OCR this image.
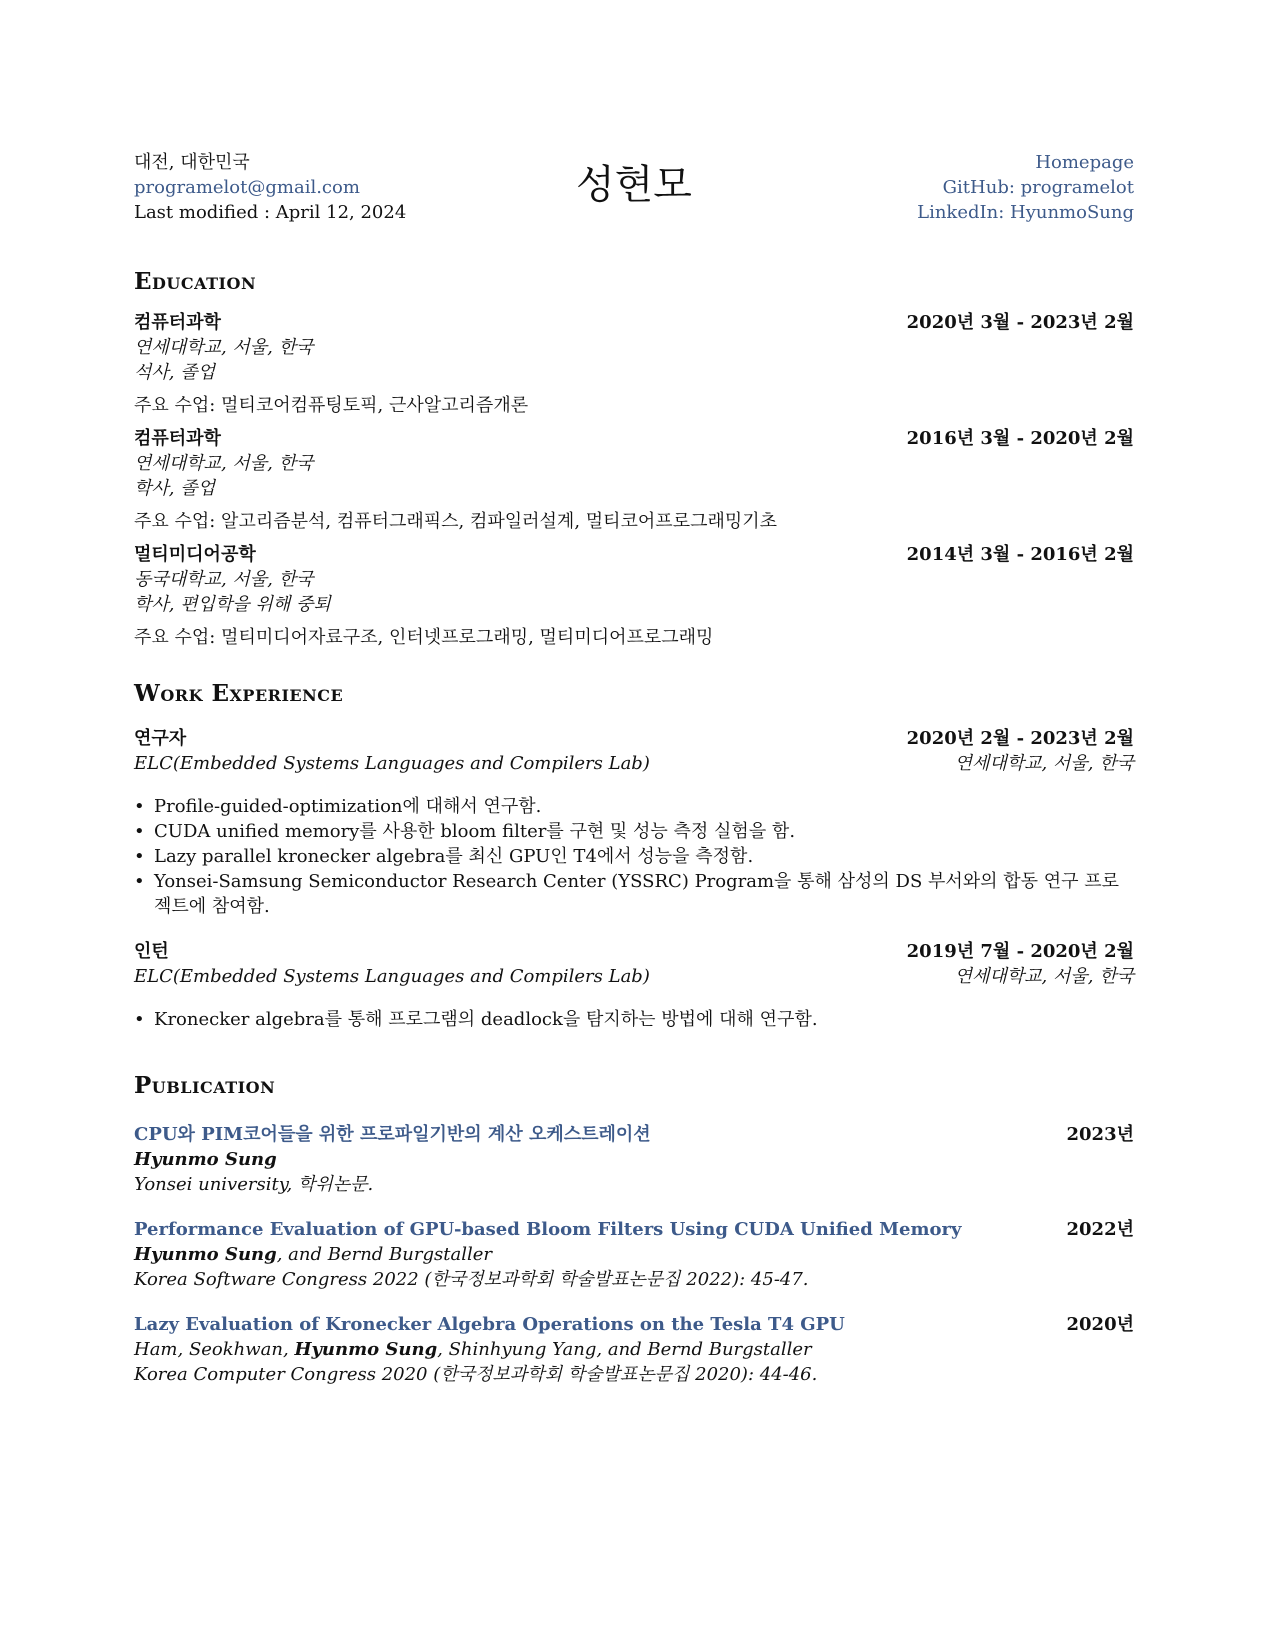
대전, 대한민국
programelot@gmail.com
Last modified : April 12, 2024
성현모	Homepage
GitHub: programelot
LinkedIn: HyunmoSung
Education
컴퓨터과학	2020년 3월 - 2023년 2월
연세대학교, 서울, 한국
석사, 졸업
주요 수업: 멀티코어컴퓨팅토픽, 근사알고리즘개론
컴퓨터과학	2016년 3월 - 2020년 2월
연세대학교, 서울, 한국
학사, 졸업
주요 수업: 알고리즘분석, 컴퓨터그래픽스, 컴파일러설계, 멀티코어프로그래밍기초
멀티미디어공학	2014년 3월 - 2016년 2월
동국대학교, 서울, 한국
학사, 편입학을 위해 중퇴
주요 수업: 멀티미디어자료구조, 인터넷프로그래밍, 멀티미디어프로그래밍
Work Experience
연구자	2020년 2월 - 2023년 2월
ELC(Embedded Systems Languages and Compilers Lab)	연세대학교, 서울, 한국
• Profile-guided-optimization에 대해서 연구함.
• CUDA unified memory를 사용한 bloom filter를 구현 및 성능 측정 실험을 함.
• Lazy parallel kronecker algebra를 최신 GPU인 T4에서 성능을 측정함.
• Yonsei-Samsung Semiconductor Research Center (YSSRC) Program을 통해 삼성의 DS 부서와의 합동 연구 프로젝트에 참여함.
인턴	2019년 7월 - 2020년 2월
ELC(Embedded Systems Languages and Compilers Lab)	연세대학교, 서울, 한국
• Kronecker algebra를 통해 프로그램의 deadlock을 탐지하는 방법에 대해 연구함.
Publication
CPU와 PIM코어들을 위한 프로파일기반의 계산 오케스트레이션	2023년
Hyunmo Sung
Yonsei university, 학위논문.
Performance Evaluation of GPU-based Bloom Filters Using CUDA Unified Memory	2022년
Hyunmo Sung, and Bernd Burgstaller
Korea Software Congress 2022 (한국정보과학회 학술발표논문집 2022): 45-47.
Lazy Evaluation of Kronecker Algebra Operations on the Tesla T4 GPU	2020년
Ham, Seokhwan, Hyunmo Sung, Shinhyung Yang, and Bernd Burgstaller
Korea Computer Congress 2020 (한국정보과학회 학술발표논문집 2020): 44-46.
